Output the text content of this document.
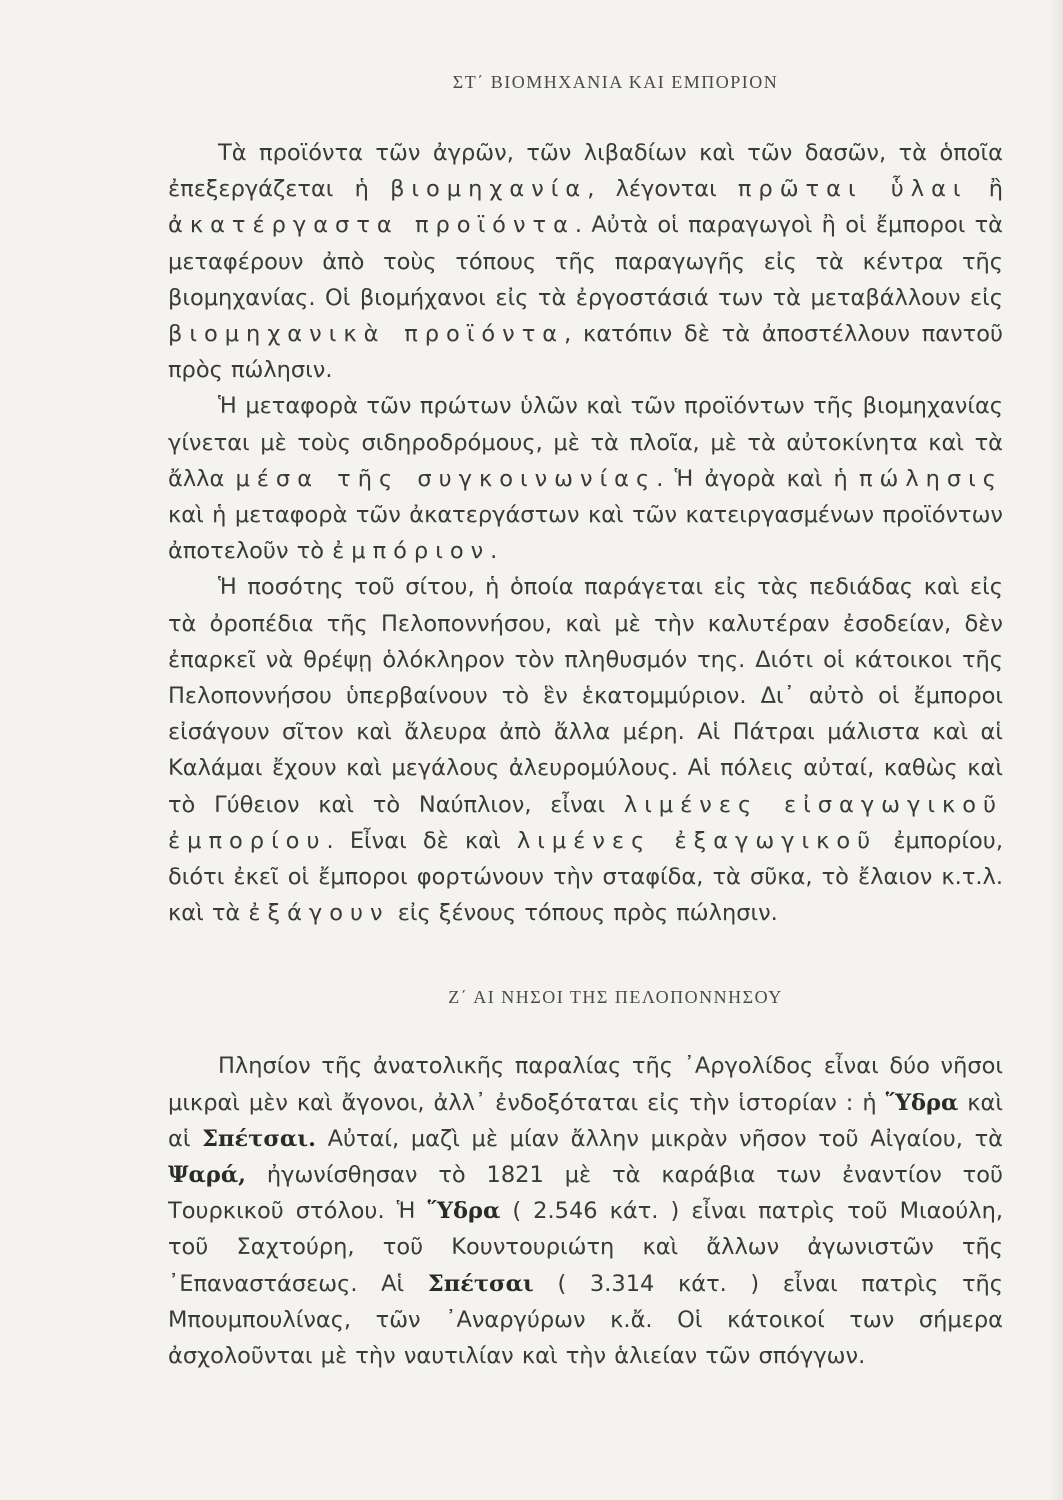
ΣΤ΄ ΒΙΟΜΗΧΑΝΙΑ ΚΑΙ ΕΜΠΟΡΙΟΝ

Τὰ προϊόντα τῶν ἀγρῶν, τῶν λιβαδίων καὶ τῶν δασῶν, τὰ ὁποῖα ἐπεξεργάζεται ἡ βιομηχανία, λέγονται πρῶται ὗλαι ἢ ἀκατέργαστα προϊόντα. Αὐτὰ οἱ παραγωγοὶ ἢ οἱ ἔμποροι τὰ μεταφέρουν ἀπὸ τοὺς τόπους τῆς παραγωγῆς εἰς τὰ κέντρα τῆς βιομηχανίας. Οἱ βιομήχανοι εἰς τὰ ἐργοστάσιά των τὰ μεταβάλλουν εἰς βιομηχανικὰ προϊόντα, κατόπιν δὲ τὰ ἀποστέλλουν παντοῦ πρὸς πώλησιν.

Ἡ μεταφορὰ τῶν πρώτων ὑλῶν καὶ τῶν προϊόντων τῆς βιομηχανίας γίνεται μὲ τοὺς σιδηροδρόμους, μὲ τὰ πλοῖα, μὲ τὰ αὐτοκίνητα καὶ τὰ ἄλλα μέσα τῆς συγκοινωνίας. Ἡ ἀγορὰ καὶ ἡ πώλησις καὶ ἡ μεταφορὰ τῶν ἀκατεργάστων καὶ τῶν κατειργασμένων προϊόντων ἀποτελοῦν τὸ ἐμπόριον.

Ἡ ποσότης τοῦ σίτου, ἡ ὁποία παράγεται εἰς τὰς πεδιάδας καὶ εἰς τὰ ὀροπέδια τῆς Πελοποννήσου, καὶ μὲ τὴν καλυτέραν ἐσοδείαν, δὲν ἐπαρκεῖ νὰ θρέψῃ ὁλόκληρον τὸν πληθυσμόν της. Διότι οἱ κάτοικοι τῆς Πελοποννήσου ὑπερβαίνουν τὸ ἓν ἑκατομμύριον. Δι᾿ αὐτὸ οἱ ἔμποροι εἰσάγουν σῖτον καὶ ἄλευρα ἀπὸ ἄλλα μέρη. Αἱ Πάτραι μάλιστα καὶ αἱ Καλάμαι ἔχουν καὶ μεγάλους ἀλευρομύλους. Αἱ πόλεις αὐταί, καθὼς καὶ τὸ Γύθειον καὶ τὸ Ναύπλιον, εἶναι λιμένες εἰσαγωγικοῦ ἐμπορίου. Εἶναι δὲ καὶ λιμένες ἐξαγωγικοῦ ἐμπορίου, διότι ἐκεῖ οἱ ἔμποροι φορτώνουν τὴν σταφίδα, τὰ σῦκα, τὸ ἔλαιον κ.τ.λ. καὶ τὰ ἐξάγουν εἰς ξένους τόπους πρὸς πώλησιν.

Ζ΄ ΑΙ ΝΗΣΟΙ ΤΗΣ ΠΕΛΟΠΟΝΝΗΣΟΥ

Πλησίον τῆς ἀνατολικῆς παραλίας τῆς ᾿Αργολίδος εἶναι δύο νῆσοι μικραὶ μὲν καὶ ἄγονοι, ἀλλ᾿ ἐνδοξόταται εἰς τὴν ἱστορίαν : ἡ Ὕδρα καὶ αἱ Σπέτσαι. Αὐταί, μαζὶ μὲ μίαν ἄλλην μικρὰν νῆσον τοῦ Αἰγαίου, τὰ Ψαρά, ἠγωνίσθησαν τὸ 1821 μὲ τὰ καράβια των ἐναντίον τοῦ Τουρκικοῦ στόλου. Ἡ Ὕδρα ( 2.546 κάτ. ) εἶναι πατρὶς τοῦ Μιαούλη, τοῦ Σαχτούρη, τοῦ Κουντουριώτη καὶ ἄλλων ἀγωνιστῶν τῆς ᾿Επαναστάσεως. Αἱ Σπέτσαι ( 3.314 κάτ. ) εἶναι πατρὶς τῆς Μπουμπουλίνας, τῶν ᾿Αναργύρων κ.ἄ. Οἱ κάτοικοί των σήμερα ἀσχολοῦνται μὲ τὴν ναυτιλίαν καὶ τὴν ἁλιείαν τῶν σπόγγων.
